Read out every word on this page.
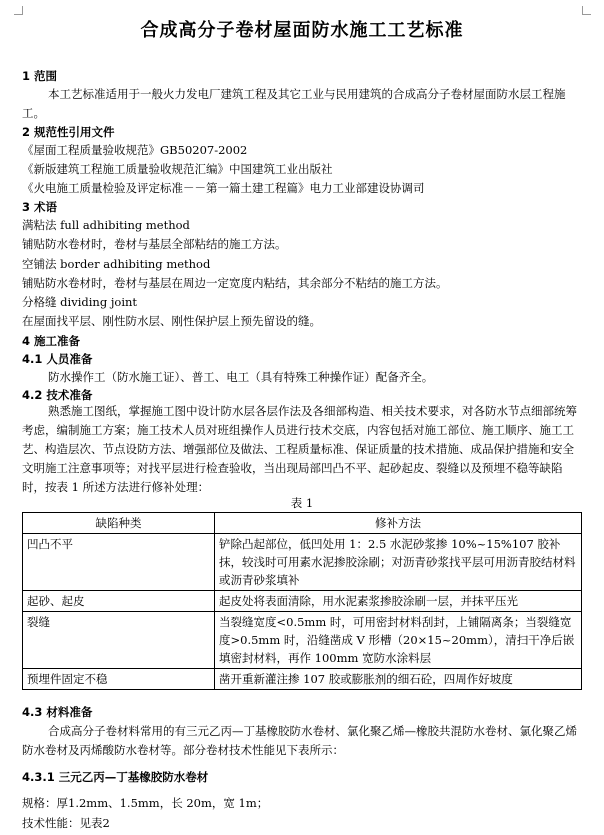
合成高分子卷材屋面防水施工工艺标准
1 范围
本工艺标准适用于一般火力发电厂建筑工程及其它工业与民用建筑的合成高分子卷材屋面防水层工程施工。
2 规范性引用文件
《屋面工程质量验收规范》GB50207-2002
《新版建筑工程施工质量验收规范汇编》中国建筑工业出版社
《火电施工质量检验及评定标准－－第一篇土建工程篇》电力工业部建设协调司
3 术语
满粘法 full adhibiting method
铺贴防水卷材时，卷材与基层全部粘结的施工方法。
空铺法 border adhibiting method
铺贴防水卷材时，卷材与基层在周边一定宽度内粘结，其余部分不粘结的施工方法。
分格缝 dividing joint
在屋面找平层、刚性防水层、刚性保护层上预先留设的缝。
4 施工准备
4.1 人员准备
防水操作工（防水施工证）、普工、电工（具有特殊工种操作证）配备齐全。
4.2 技术准备
熟悉施工图纸，掌握施工图中设计防水层各层作法及各细部构造、相关技术要求，对各防水节点细部统筹考虑，编制施工方案；施工技术人员对班组操作人员进行技术交底，内容包括对施工部位、施工顺序、施工工艺、构造层次、节点设防方法、增强部位及做法、工程质量标准、保证质量的技术措施、成品保护措施和安全文明施工注意事项等；对找平层进行检查验收，当出现局部凹凸不平、起砂起皮、裂缝以及预埋不稳等缺陷时，按表 1 所述方法进行修补处理：
表 1
缺陷种类	修补方法
凹凸不平	铲除凸起部位，低凹处用 1：2.5 水泥砂浆掺 10%~15%107 胶补抹，较浅时可用素水泥掺胶涂刷；对沥青砂浆找平层可用沥青胶结材料或沥青砂浆填补
起砂、起皮	起皮处将表面清除，用水泥素浆掺胶涂刷一层，并抹平压光
裂缝	当裂缝宽度<0.5mm 时，可用密封材料刮封，上铺隔离条；当裂缝宽度>0.5mm 时，沿缝凿成 V 形槽（20×15~20mm），清扫干净后嵌填密封材料，再作 100mm 宽防水涂料层
预埋件固定不稳	凿开重新灌注掺 107 胶或膨胀剂的细石砼，四周作好坡度
4.3 材料准备
合成高分子卷材料常用的有三元乙丙—丁基橡胶防水卷材、氯化聚乙烯—橡胶共混防水卷材、氯化聚乙烯防水卷材及丙烯酸防水卷材等。部分卷材技术性能见下表所示：
4.3.1 三元乙丙—丁基橡胶防水卷材
规格：厚1.2mm、1.5mm，长 20m，宽 1m；
技术性能：见表2
